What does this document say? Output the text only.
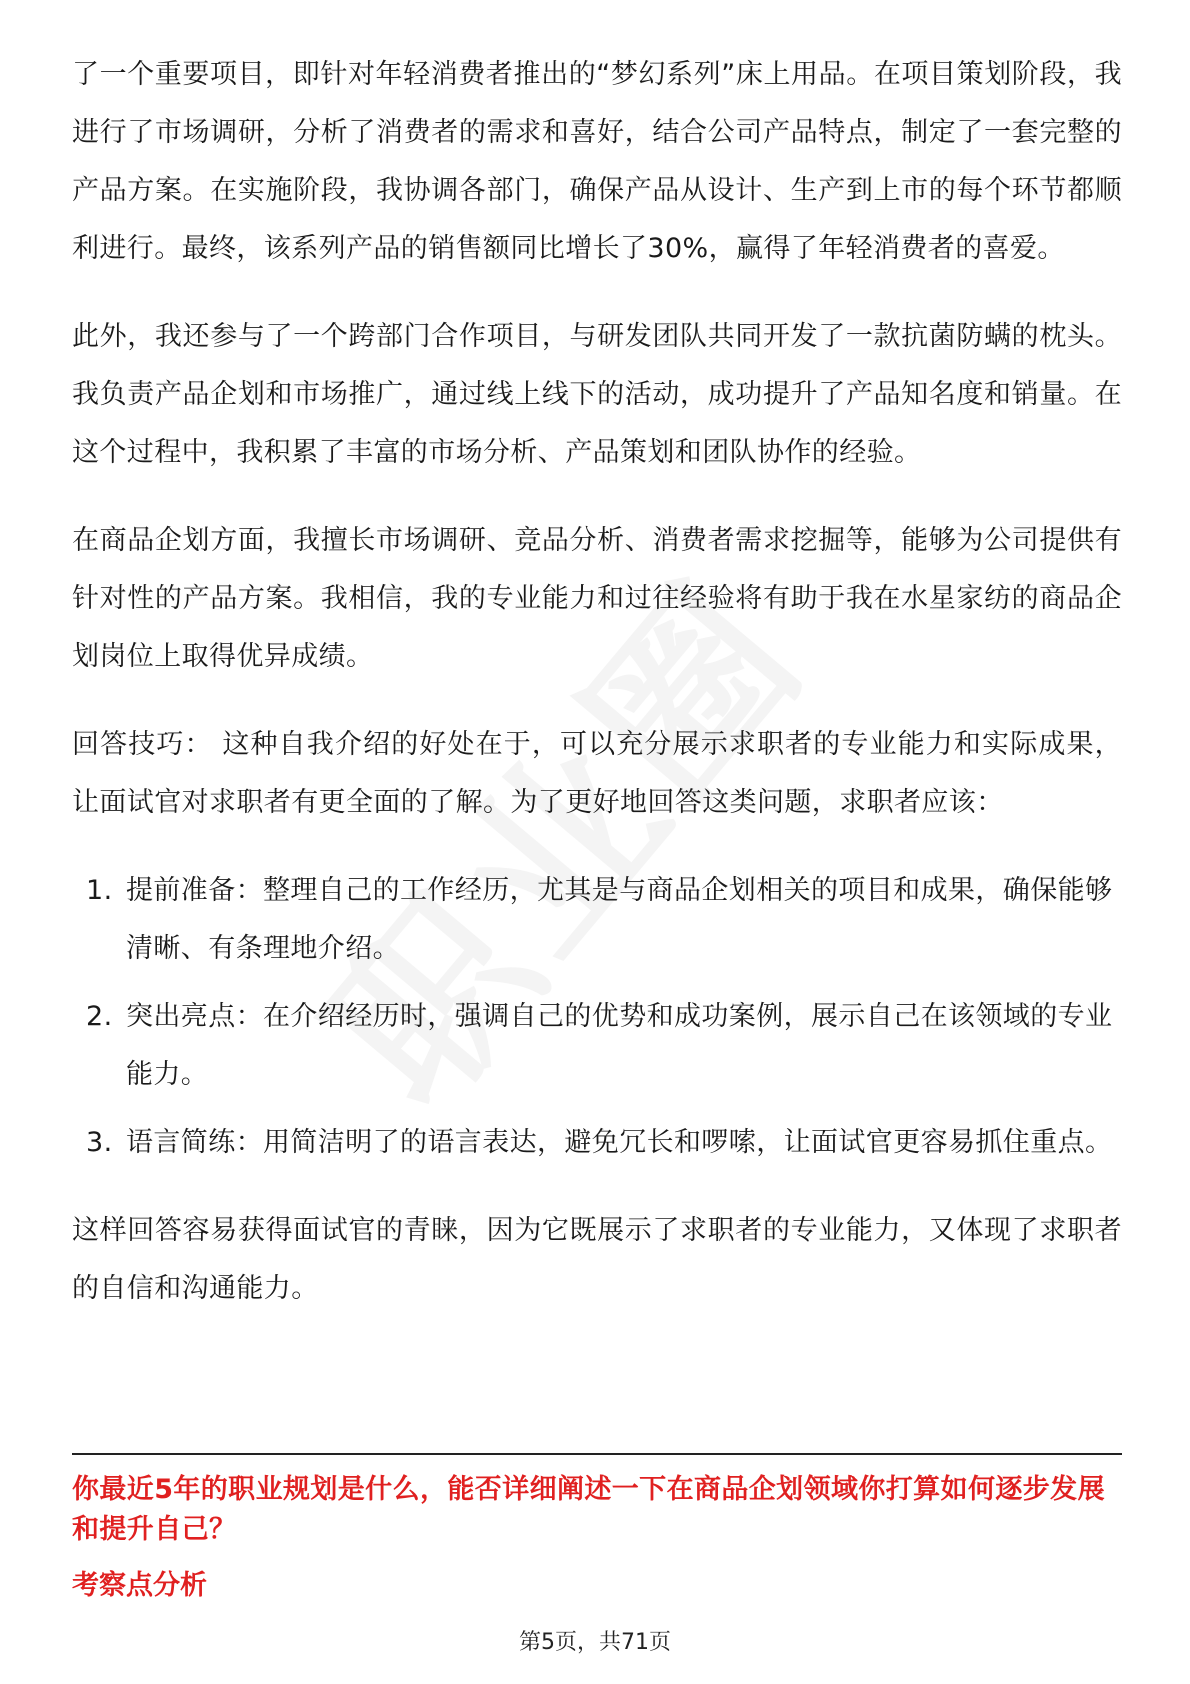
了一个重要项目，即针对年轻消费者推出的“梦幻系列”床上用品。在项目策划阶段，我进行了市场调研，分析了消费者的需求和喜好，结合公司产品特点，制定了一套完整的产品方案。在实施阶段，我协调各部门，确保产品从设计、生产到上市的每个环节都顺利进行。最终，该系列产品的销售额同比增长了30%，赢得了年轻消费者的喜爱。

此外，我还参与了一个跨部门合作项目，与研发团队共同开发了一款抗菌防螨的枕头。我负责产品企划和市场推广，通过线上线下的活动，成功提升了产品知名度和销量。在这个过程中，我积累了丰富的市场分析、产品策划和团队协作的经验。

在商品企划方面，我擅长市场调研、竞品分析、消费者需求挖掘等，能够为公司提供有针对性的产品方案。我相信，我的专业能力和过往经验将有助于我在水星家纺的商品企划岗位上取得优异成绩。

回答技巧： 这种自我介绍的好处在于，可以充分展示求职者的专业能力和实际成果，让面试官对求职者有更全面的了解。为了更好地回答这类问题，求职者应该：

1. 提前准备：整理自己的工作经历，尤其是与商品企划相关的项目和成果，确保能够清晰、有条理地介绍。
2. 突出亮点：在介绍经历时，强调自己的优势和成功案例，展示自己在该领域的专业能力。
3. 语言简练：用简洁明了的语言表达，避免冗长和啰嗦，让面试官更容易抓住重点。

这样回答容易获得面试官的青睐，因为它既展示了求职者的专业能力，又体现了求职者的自信和沟通能力。

你最近5年的职业规划是什么，能否详细阐述一下在商品企划领域你打算如何逐步发展和提升自己？
考察点分析
第5页，共71页
